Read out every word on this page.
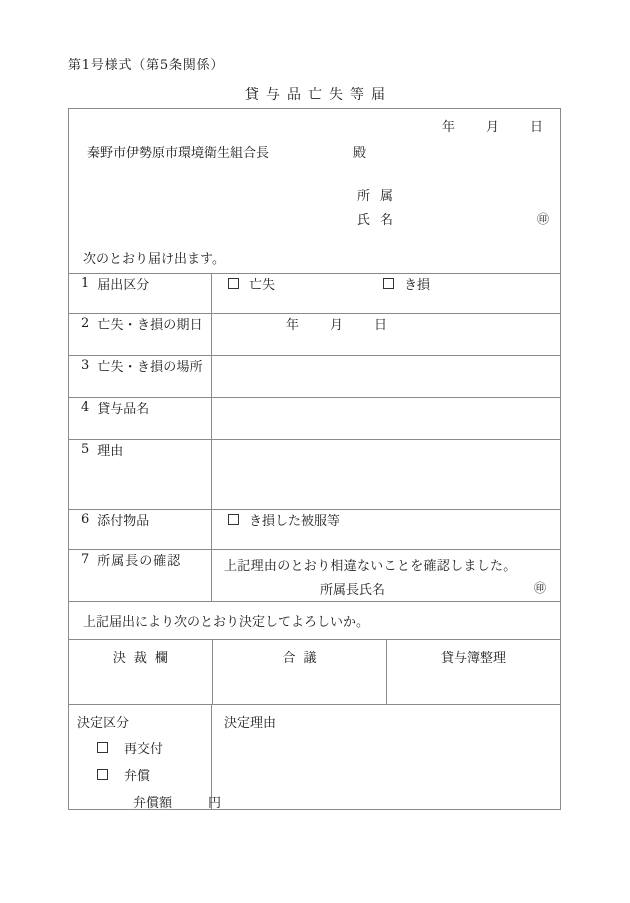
第1号様式（第5条関係）
貸与品亡失等届
年 月 日
秦野市伊勢原市環境衛生組合長	殿
所属
氏名	㊞
次のとおり届け出ます。

1 届出区分	亡失	き損

2 亡失・き損の期日	年 月 日

3 亡失・き損の場所

4 貸与品名

5 理由

6 添付物品	き損した被服等

7 所属長の確認	上記理由のとおり相違ないことを確認しました。
所属長氏名	㊞

上記届出により次のとおり決定してよろしいか。

決裁欄	合議	貸与簿整理

決定区分
再交付
弁償
弁償額	円

決定理由
